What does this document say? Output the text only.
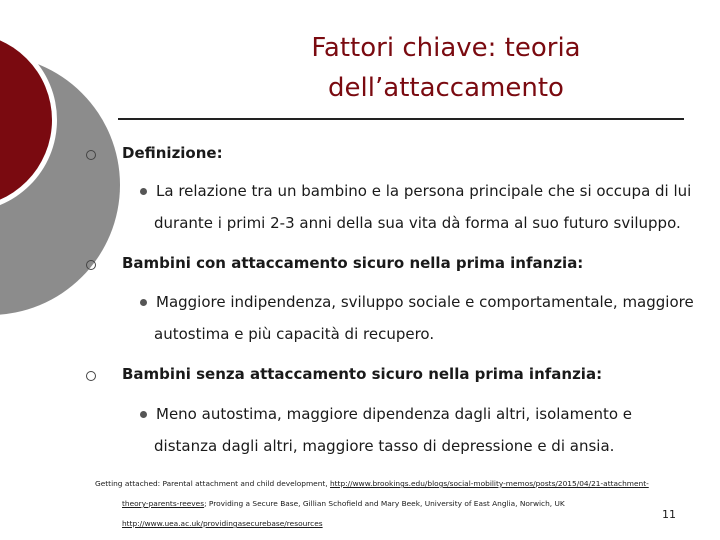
Fattori chiave: teoria
dell’attaccamento
Definizione:
La relazione tra un bambino e la persona principale che si occupa di lui
durante i primi 2-3 anni della sua vita dà forma al suo futuro sviluppo.
Bambini con attaccamento sicuro nella prima infanzia:
Maggiore indipendenza, sviluppo sociale e comportamentale, maggiore
autostima e più capacità di recupero.
Bambini senza attaccamento sicuro nella prima infanzia:
Meno autostima, maggiore dipendenza dagli altri, isolamento e
distanza dagli altri, maggiore tasso di depressione e di ansia.
Getting attached: Parental attachment and child development, http://www.brookings.edu/blogs/social-mobility-memos/posts/2015/04/21-attachment-
theory-parents-reeves; Providing a Secure Base, Gillian Schofield and Mary Beek, University of East Anglia, Norwich, UK
http://www.uea.ac.uk/providingasecurebase/resources
11
